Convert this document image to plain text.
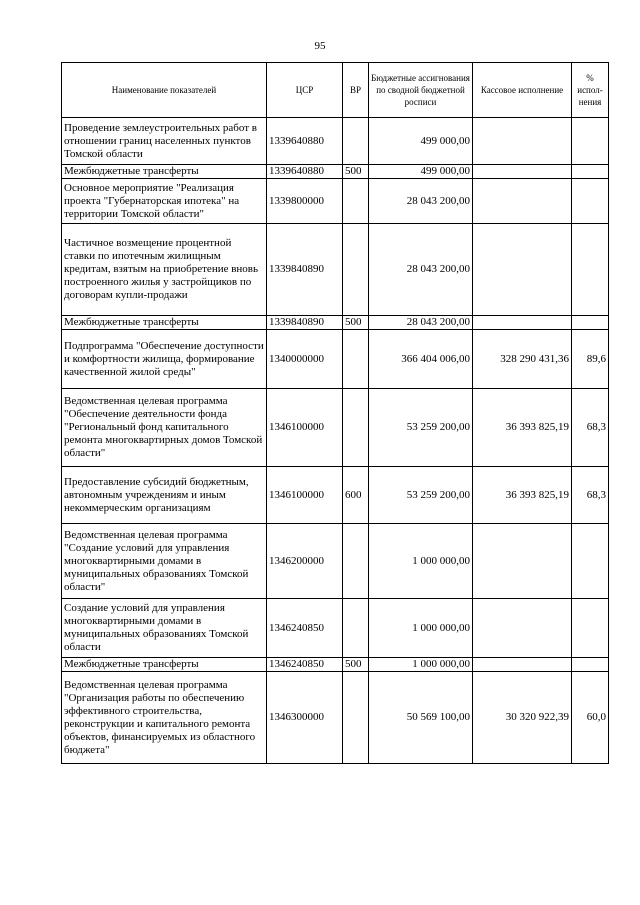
95
Наименование показателей	ЦСР	ВР	Бюджетные ассигнования по сводной бюджетной росписи	Кассовое исполнение	% испол-нения
Проведение землеустроительных работ в отношении границ населенных пунктов Томской области	1339640880		499 000,00		
Межбюджетные трансферты	1339640880	500	499 000,00		
Основное мероприятие "Реализация проекта "Губернаторская ипотека" на территории Томской области"	1339800000		28 043 200,00		
Частичное возмещение процентной ставки по ипотечным жилищным кредитам, взятым на приобретение вновь построенного жилья у застройщиков по договорам купли-продажи	1339840890		28 043 200,00		
Межбюджетные трансферты	1339840890	500	28 043 200,00		
Подпрограмма "Обеспечение доступности и комфортности жилища, формирование качественной жилой среды"	1340000000		366 404 006,00	328 290 431,36	89,6
Ведомственная целевая программа "Обеспечение деятельности фонда "Региональный фонд капитального ремонта многоквартирных домов Томской области"	1346100000		53 259 200,00	36 393 825,19	68,3
Предоставление субсидий бюджетным, автономным учреждениям и иным некоммерческим организациям	1346100000	600	53 259 200,00	36 393 825,19	68,3
Ведомственная целевая программа "Создание условий для управления многоквартирными домами в муниципальных образованиях Томской области"	1346200000		1 000 000,00		
Создание условий для управления многоквартирными домами в муниципальных образованиях Томской области	1346240850		1 000 000,00		
Межбюджетные трансферты	1346240850	500	1 000 000,00		
Ведомственная целевая программа "Организация работы по обеспечению эффективного строительства, реконструкции и капитального ремонта объектов, финансируемых из областного бюджета"	1346300000		50 569 100,00	30 320 922,39	60,0
